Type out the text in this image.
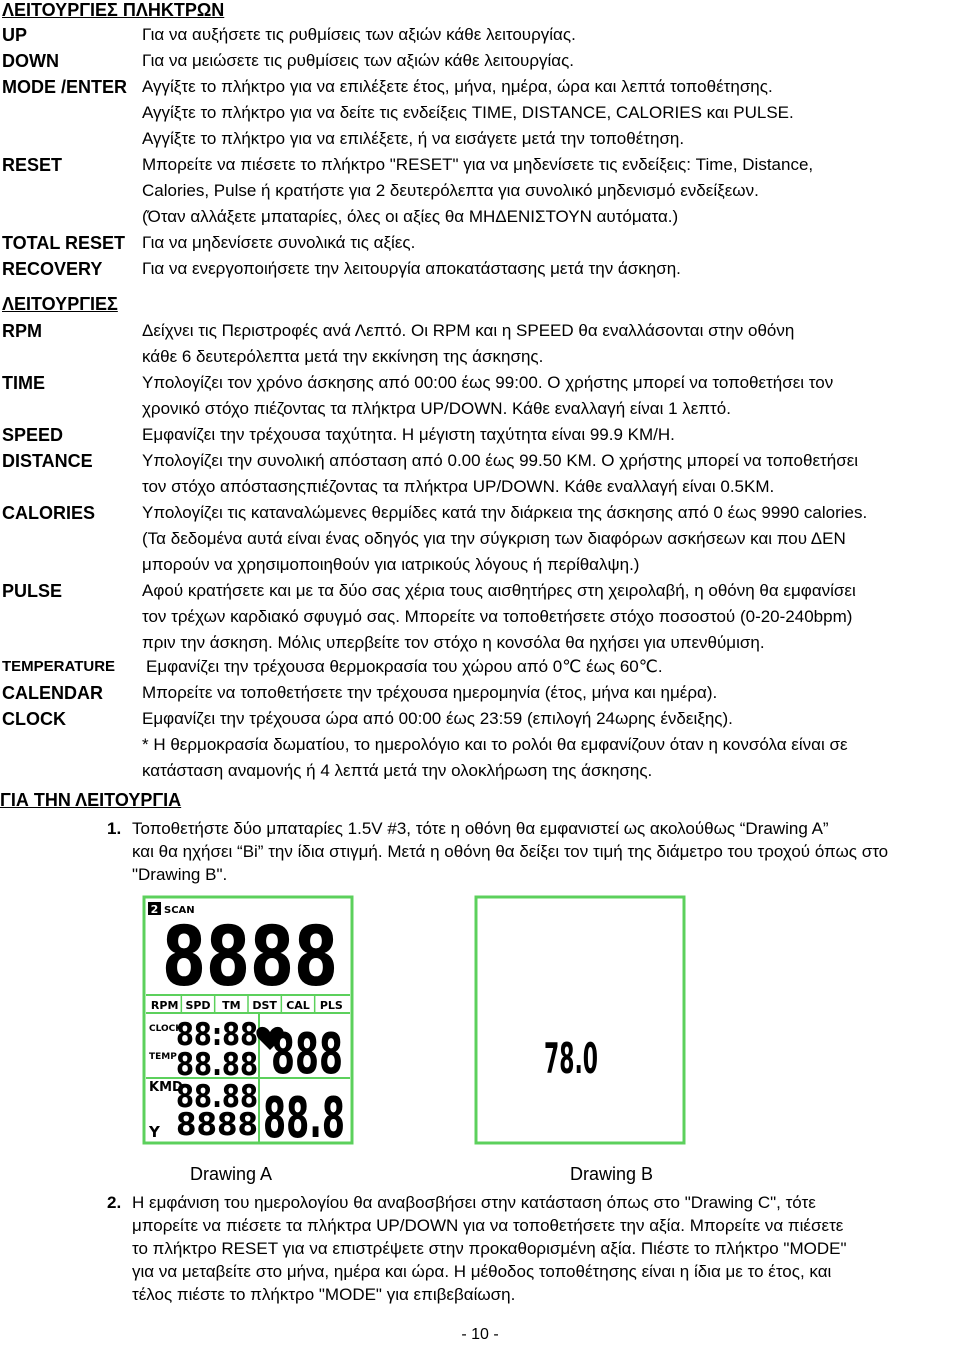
ΛΕΙΤΟΥΡΓΙΕΣ ΠΛΗΚΤΡΩΝ
UP	Για να αυξήσετε τις ρυθμίσεις των αξιών κάθε λειτουργίας.
DOWN	Για να μειώσετε τις ρυθμίσεις των αξιών κάθε λειτουργίας.
MODE /ENTER Αγγίξτε το πλήκτρο για να επιλέξετε έτος, μήνα, ημέρα, ώρα και λεπτά τοποθέτησης.
Αγγίξτε το πλήκτρο για να δείτε τις ενδείξεις TIME, DISTANCE, CALORIES και PULSE.
Αγγίξτε το πλήκτρο για να επιλέξετε, ή να εισάγετε μετά την τοποθέτηση.
RESET	Μπορείτε να πιέσετε το πλήκτρο "RESET" για να μηδενίσετε τις ενδείξεις: Time, Distance,
Calories, Pulse ή κρατήστε για 2 δευτερόλεπτα για συνολικό μηδενισμό ενδείξεων.
(Όταν αλλάξετε μπαταρίες, όλες οι αξίες θα ΜΗΔΕΝΙΣΤΟΥΝ αυτόματα.)
TOTAL RESET Για να μηδενίσετε συνολικά τις αξίες.
RECOVERY Για να ενεργοποιήσετε την λειτουργία αποκατάστασης μετά την άσκηση.
ΛΕΙΤΟΥΡΓΙΕΣ
RPM	Δείχνει τις Περιστροφές ανά Λεπτό. Οι RPM και η SPEED θα εναλλάσονται στην οθόνη
κάθε 6 δευτερόλεπτα μετά την εκκίνηση της άσκησης.
TIME	Υπολογίζει τον χρόνο άσκησης από 00:00 έως 99:00. Ο χρήστης μπορεί να τοποθετήσει τον
χρονικό στόχο πιέζοντας τα πλήκτρα UP/DOWN. Κάθε εναλλαγή είναι 1 λεπτό.
SPEED	Εμφανίζει την τρέχουσα ταχύτητα. Η μέγιστη ταχύτητα είναι 99.9 KM/H.
DISTANCE	Υπολογίζει την συνολική απόσταση από 0.00 έως 99.50 KM. Ο χρήστης μπορεί να τοποθετήσει
τον στόχο απόστασηςπιέζοντας τα πλήκτρα UP/DOWN. Κάθε εναλλαγή είναι 0.5KM.
CALORIES	Υπολογίζει τις καταναλώμενες θερμίδες κατά την διάρκεια της άσκησης από 0 έως 9990 calories.
(Τα δεδομένα αυτά είναι ένας οδηγός για την σύγκριση των διαφόρων ασκήσεων και που ΔΕΝ
μπορούν να χρησιμοποιηθούν για ιατρικούς λόγους ή περίθαλψη.)
PULSE	Αφού κρατήσετε και με τα δύο σας χέρια τους αισθητήρες στη χειρολαβή, η οθόνη θα εμφανίσει
τον τρέχων καρδιακό σφυγμό σας. Μπορείτε να τοποθετήσετε στόχο ποσοστού (0-20-240bpm)
πριν την άσκηση. Μόλις υπερβείτε τον στόχο η κονσόλα θα ηχήσει για υπενθύμιση.
TEMPERATURE Εμφανίζει την τρέχουσα θερμοκρασία του χώρου από 0℃ έως 60℃.
CALENDAR Μπορείτε να τοποθετήσετε την τρέχουσα ημερομηνία (έτος, μήνα και ημέρα).
CLOCK	Εμφανίζει την τρέχουσα ώρα από 00:00 έως 23:59 (επιλογή 24ωρης ένδειξης).
* Η θερμοκρασία δωματίου, το ημερολόγιο και το ρολόι θα εμφανίζουν όταν η κονσόλα είναι σε
κατάσταση αναμονής ή 4 λεπτά μετά την ολοκλήρωση της άσκησης.
ΓΙΑ ΤΗΝ ΛΕΙΤΟΥΡΓΙΑ
1. Τοποθετήστε δύο μπαταρίες 1.5V #3, τότε η οθόνη θα εμφανιστεί ως ακολούθως “Drawing A”
και θα ηχήσει “Bi” την ίδια στιγμή. Μετά η οθόνη θα δείξει τον τιμή της διάμετρο του τροχού όπως στο
"Drawing B".
2 SCAN
8888
RPM SPD TM DST CAL PLS
CLOCK
88:88
TEMP 88.88
KMD
88.88
Y 8888
888
88.8
Drawing A
78.0
Drawing B
2. Η εμφάνιση του ημερολογίου θα αναβοσβήσει στην κατάσταση όπως στο "Drawing C", τότε
μπορείτε να πιέσετε τα πλήκτρα UP/DOWN για να τοποθετήσετε την αξία. Μπορείτε να πιέσετε
το πλήκτρο RESET για να επιστρέψετε στην προκαθορισμένη αξία. Πιέστε το πλήκτρο "MODE"
για να μεταβείτε στο μήνα, ημέρα και ώρα. Η μέθοδος τοποθέτησης είναι η ίδια με το έτος, και
τέλος πιέστε το πλήκτρο "MODE" για επιβεβαίωση.
- 10 -
